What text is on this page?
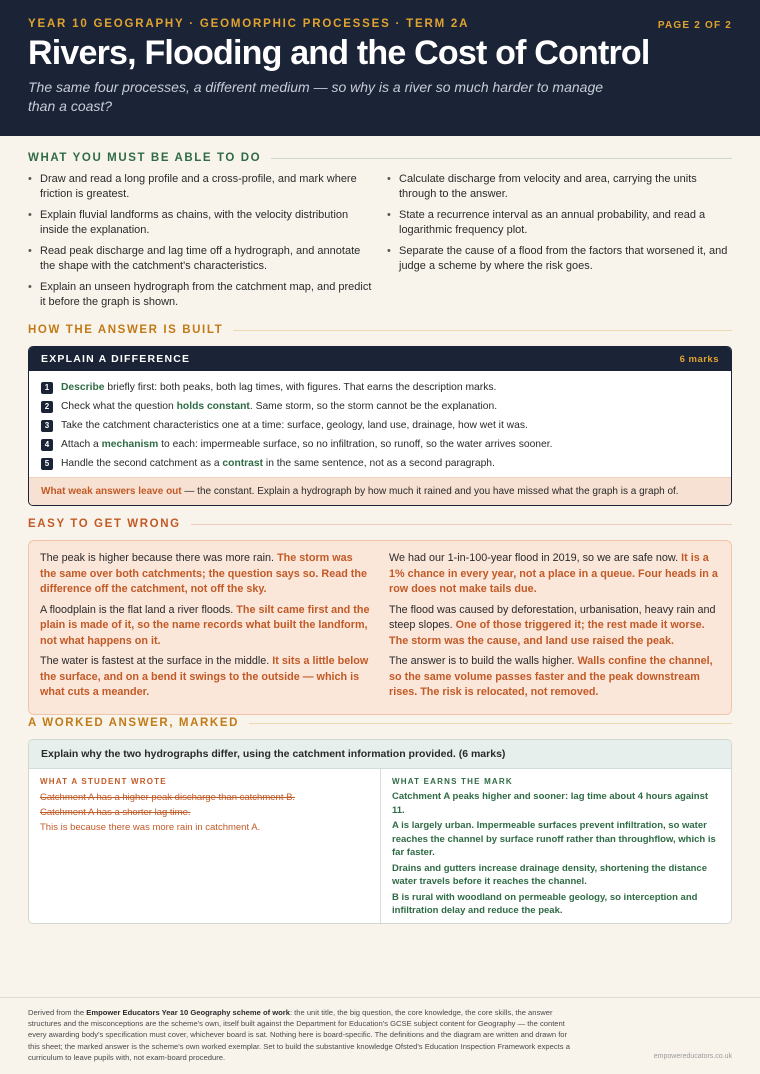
YEAR 10 GEOGRAPHY · GEOMORPHIC PROCESSES · TERM 2A	PAGE 2 OF 2
Rivers, Flooding and the Cost of Control
The same four processes, a different medium — so why is a river so much harder to manage than a coast?
WHAT YOU MUST BE ABLE TO DO
• Draw and read a long profile and a cross-profile, and mark where friction is greatest.
• Explain fluvial landforms as chains, with the velocity distribution inside the explanation.
• Read peak discharge and lag time off a hydrograph, and annotate the shape with the catchment's characteristics.
• Explain an unseen hydrograph from the catchment map, and predict it before the graph is shown.
• Calculate discharge from velocity and area, carrying the units through to the answer.
• State a recurrence interval as an annual probability, and read a logarithmic frequency plot.
• Separate the cause of a flood from the factors that worsened it, and judge a scheme by where the risk goes.
HOW THE ANSWER IS BUILT
EXPLAIN A DIFFERENCE	6 marks
1	Describe briefly first: both peaks, both lag times, with figures. That earns the description marks.
2	Check what the question holds constant. Same storm, so the storm cannot be the explanation.
3	Take the catchment characteristics one at a time: surface, geology, land use, drainage, how wet it was.
4	Attach a mechanism to each: impermeable surface, so no infiltration, so runoff, so the water arrives sooner.
5	Handle the second catchment as a contrast in the same sentence, not as a second paragraph.
What weak answers leave out — the constant. Explain a hydrograph by how much it rained and you have missed what the graph is a graph of.
EASY TO GET WRONG

The peak is higher because there was more rain. The storm was the same over both catchments; the question says so. Read the difference off the catchment, not off the sky.

A floodplain is the flat land a river floods. The silt came first and the plain is made of it, so the name records what built the landform, not what happens on it.

The water is fastest at the surface in the middle. It sits a little below the surface, and on a bend it swings to the outside — which is what cuts a meander.

We had our 1-in-100-year flood in 2019, so we are safe now. It is a 1% chance in every year, not a place in a queue. Four heads in a row does not make tails due.

The flood was caused by deforestation, urbanisation, heavy rain and steep slopes. One of those triggered it; the rest made it worse. The storm was the cause, and land use raised the peak.

The answer is to build the walls higher. Walls confine the channel, so the same volume passes faster and the peak downstream rises. The risk is relocated, not removed.

A WORKED ANSWER, MARKED
Explain why the two hydrographs differ, using the catchment information provided. (6 marks)
WHAT A STUDENT WROTE
Catchment A has a higher peak discharge than catchment B.
Catchment A has a shorter lag time.
This is because there was more rain in catchment A.
WHAT EARNS THE MARK
Catchment A peaks higher and sooner: lag time about 4 hours against 11.
A is largely urban. Impermeable surfaces prevent infiltration, so water reaches the channel by surface runoff rather than throughflow, which is far faster.
Drains and gutters increase drainage density, shortening the distance water travels before it reaches the channel.
B is rural with woodland on permeable geology, so interception and infiltration delay and reduce the peak.
Derived from the Empower Educators Year 10 Geography scheme of work: the unit title, the big question, the core knowledge, the core skills, the answer structures and the misconceptions are the scheme's own, itself built against the Department for Education's GCSE subject content for Geography — the content every awarding body's specification must cover, whichever board is sat. Nothing here is board-specific. The definitions and the diagram are written and drawn for this sheet; the marked answer is the scheme's own worked exemplar. Set to build the substantive knowledge Ofsted's Education Inspection Framework expects a curriculum to leave pupils with, not exam-board procedure.	empowereducators.co.uk
